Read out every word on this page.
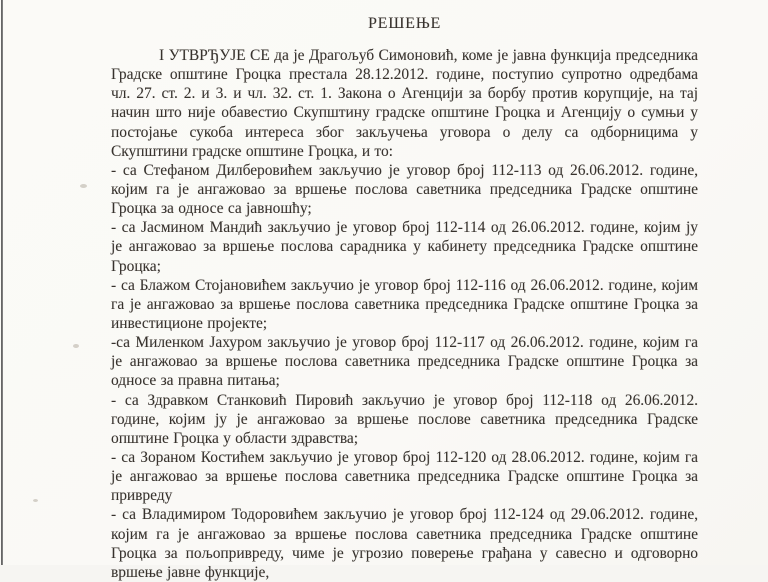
РЕШЕЊЕ
I УТВРЂУЈЕ СЕ да је Драгољуб Симоновић, коме је јавна функција председника
Градске општине Гроцка престала 28.12.2012. године, поступио супротно одредбама
чл. 27. ст. 2. и 3. и чл. 32. ст. 1. Закона о Агенцији за борбу против корупције, на тај
начин што није обавестио Скупштину градске општине Гроцка и Агенцију о сумњи у
постојање сукоба интереса због закључења уговора о делу са одборницима у
Скупштини градске општине Гроцка, и то:
- са Стефаном Дилберовићем закључио је уговор број 112-113 од 26.06.2012. године,
којим га је ангажовао за вршење послова саветника председника Градске општине
Гроцка за односе са јавношћу;
- са Јасмином Мандић закључио је уговор број 112-114 од 26.06.2012. године, којим ју
је ангажовао за вршење послова сарадника у кабинету председника Градске општине
Гроцка;
- са Блажом Стојановићем закључио је уговор број 112-116 од 26.06.2012. године, којим
га је ангажовао за вршење послова саветника председника Градске општине Гроцка за
инвестиционе пројекте;
-са Миленком Јахуром закључио је уговор број 112-117 од 26.06.2012. године, којим га
је ангажовао за вршење послова саветника председника Градске општине Гроцка за
односе за правна питања;
- са Здравком Станковић Пировић закључио је уговор број 112-118 од 26.06.2012.
године, којим ју је ангажовао за вршење послове саветника председника Градске
општине Гроцка у области здравства;
- са Зораном Костићем закључио је уговор број 112-120 од 28.06.2012. године, којим га
је ангажовао за вршење послова саветника председника Градске општине Гроцка за
привреду
- са Владимиром Тодоровићем закључио је уговор број 112-124 од 29.06.2012. године,
којим га је ангажовао за вршење послова саветника председника Градске општине
Гроцка за пољопривреду, чиме је угрозио поверење грађана у савесно и одговорно
вршење јавне функције,
